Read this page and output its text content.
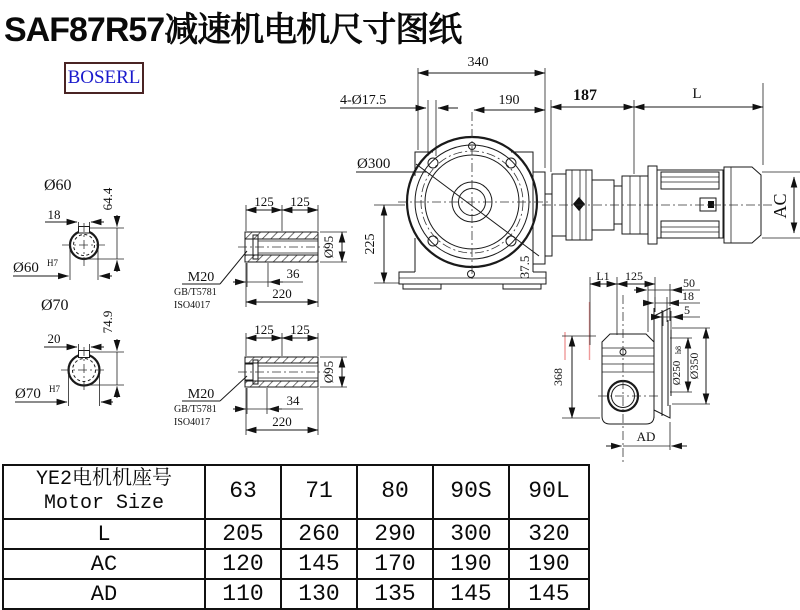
SAF87R57减速机电机尺寸图纸
BOSERL
340
190
4-Ø17.5
Ø300
187	L
AC
225
37.5
Ø60
18
64.4
Ø60 H7
Ø70
20
74.9
Ø70 H7
125 125
M20
GB/T5781
ISO4017
36
220
Ø95
125 125
M20
GB/T5781
ISO4017
34
220
Ø95
L1 125	50
18
5
368	Ø250
h8
Ø350
AD
YE2电机机座号
Motor Size	63	71	80	90S	90L
L	205	260	290	300	320
AC	120	145	170	190	190
AD	110	130	135	145	145
